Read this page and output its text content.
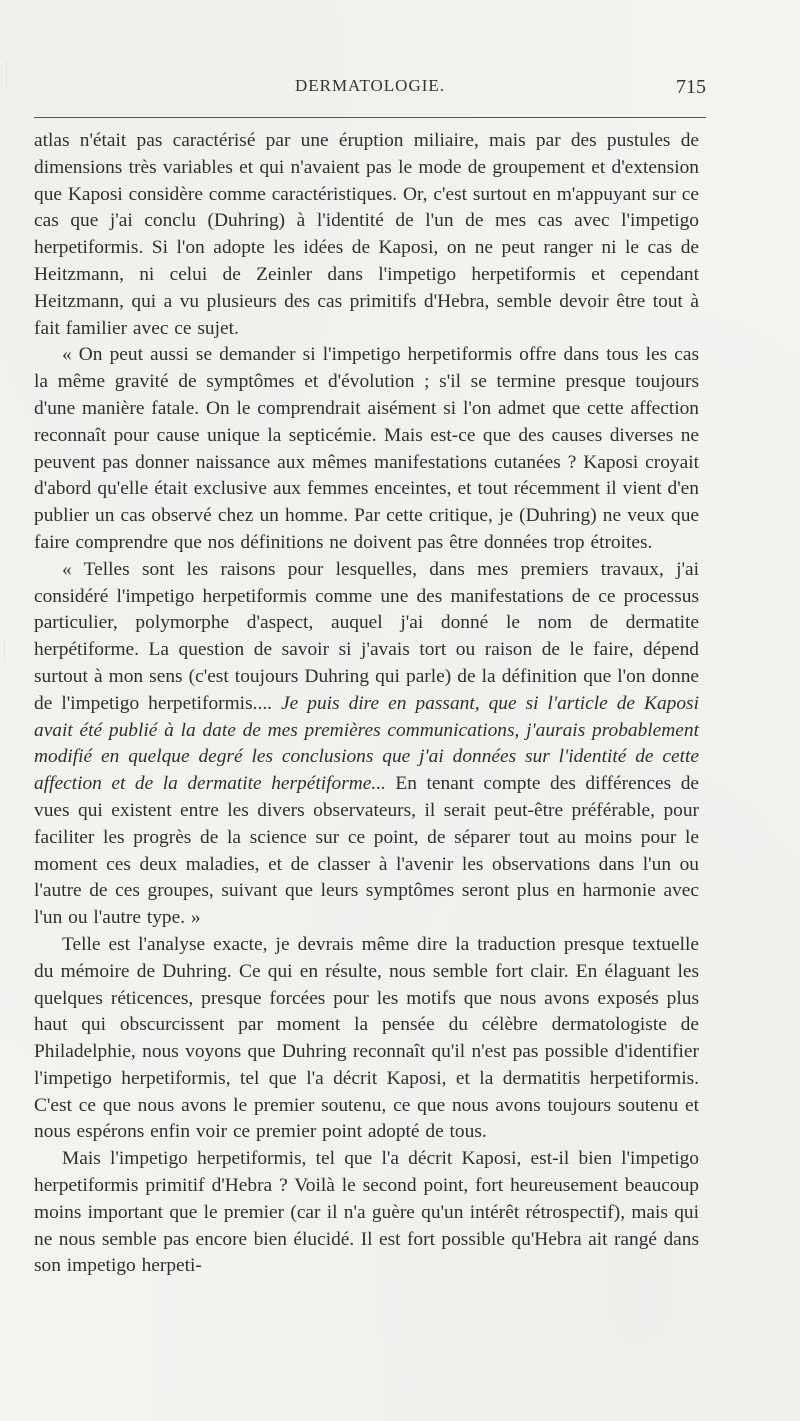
DERMATOLOGIE.	715

atlas n'était pas caractérisé par une éruption miliaire, mais par des pustules de dimensions très variables et qui n'avaient pas le mode de groupement et d'extension que Kaposi considère comme caractéristiques. Or, c'est surtout en m'appuyant sur ce cas que j'ai conclu (Duhring) à l'identité de l'un de mes cas avec l'impetigo herpetiformis. Si l'on adopte les idées de Kaposi, on ne peut ranger ni le cas de Heitzmann, ni celui de Zeinler dans l'impetigo herpetiformis et cependant Heitzmann, qui a vu plusieurs des cas primitifs d'Hebra, semble devoir être tout à fait familier avec ce sujet.

« On peut aussi se demander si l'impetigo herpetiformis offre dans tous les cas la même gravité de symptômes et d'évolution ; s'il se termine presque toujours d'une manière fatale. On le comprendrait aisément si l'on admet que cette affection reconnaît pour cause unique la septicémie. Mais est-ce que des causes diverses ne peuvent pas donner naissance aux mêmes manifestations cutanées ? Kaposi croyait d'abord qu'elle était exclusive aux femmes enceintes, et tout récemment il vient d'en publier un cas observé chez un homme. Par cette critique, je (Duhring) ne veux que faire comprendre que nos définitions ne doivent pas être données trop étroites.

« Telles sont les raisons pour lesquelles, dans mes premiers travaux, j'ai considéré l'impetigo herpetiformis comme une des manifestations de ce processus particulier, polymorphe d'aspect, auquel j'ai donné le nom de dermatite herpétiforme. La question de savoir si j'avais tort ou raison de le faire, dépend surtout à mon sens (c'est toujours Duhring qui parle) de la définition que l'on donne de l'impetigo herpetiformis.... Je puis dire en passant, que si l'article de Kaposi avait été publié à la date de mes premières communications, j'aurais probablement modifié en quelque degré les conclusions que j'ai données sur l'identité de cette affection et de la dermatite herpétiforme... En tenant compte des différences de vues qui existent entre les divers observateurs, il serait peut-être préférable, pour faciliter les progrès de la science sur ce point, de séparer tout au moins pour le moment ces deux maladies, et de classer à l'avenir les observations dans l'un ou l'autre de ces groupes, suivant que leurs symptômes seront plus en harmonie avec l'un ou l'autre type. »

Telle est l'analyse exacte, je devrais même dire la traduction presque textuelle du mémoire de Duhring. Ce qui en résulte, nous semble fort clair. En élaguant les quelques réticences, presque forcées pour les motifs que nous avons exposés plus haut qui obscurcissent par moment la pensée du célèbre dermatologiste de Philadelphie, nous voyons que Duhring reconnaît qu'il n'est pas possible d'identifier l'impetigo herpetiformis, tel que l'a décrit Kaposi, et la dermatitis herpetiformis. C'est ce que nous avons le premier soutenu, ce que nous avons toujours soutenu et nous espérons enfin voir ce premier point adopté de tous.

Mais l'impetigo herpetiformis, tel que l'a décrit Kaposi, est-il bien l'impetigo herpetiformis primitif d'Hebra ? Voilà le second point, fort heureusement beaucoup moins important que le premier (car il n'a guère qu'un intérêt rétrospectif), mais qui ne nous semble pas encore bien élucidé. Il est fort possible qu'Hebra ait rangé dans son impetigo herpeti-
